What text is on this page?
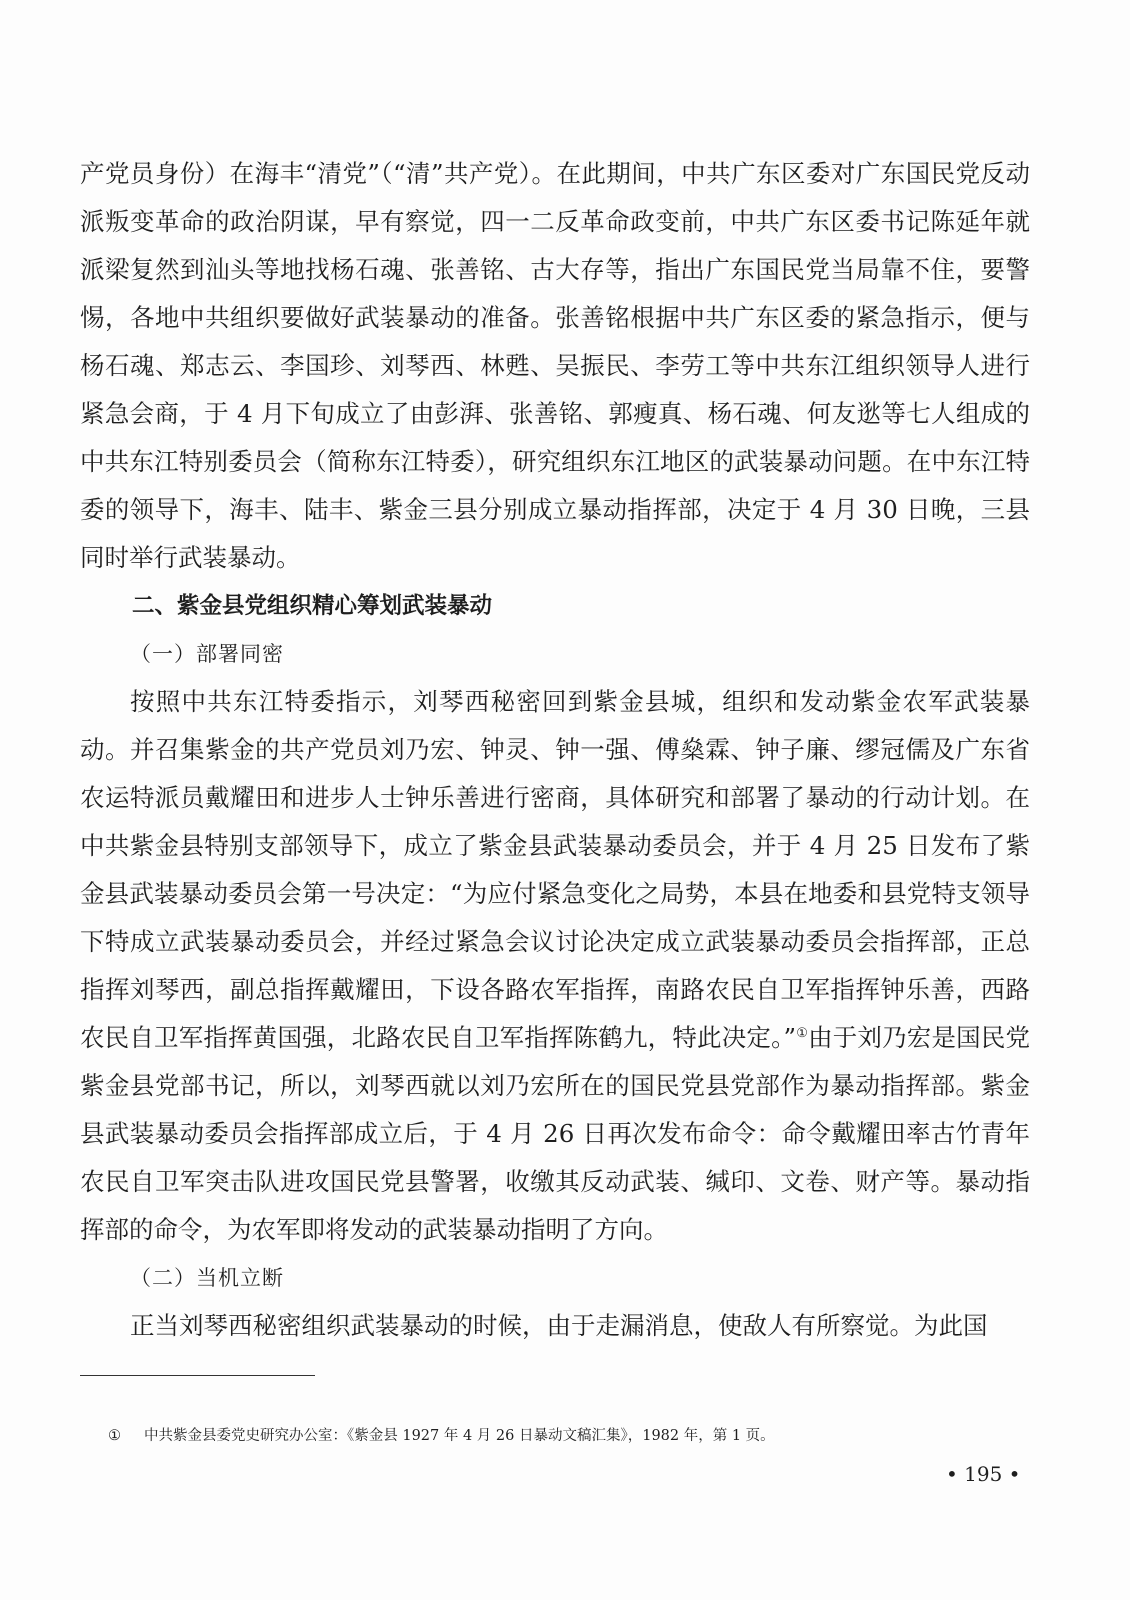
产党员身份）在海丰“清党”（“清”共产党）。在此期间，中共广东区委对广东国民党反动派叛变革命的政治阴谋，早有察觉，四一二反革命政变前，中共广东区委书记陈延年就派梁复然到汕头等地找杨石魂、张善铭、古大存等，指出广东国民党当局靠不住，要警惕，各地中共组织要做好武装暴动的准备。张善铭根据中共广东区委的紧急指示，便与杨石魂、郑志云、李国珍、刘琴西、林甦、吴振民、李劳工等中共东江组织领导人进行紧急会商，于 4 月下旬成立了由彭湃、张善铭、郭瘦真、杨石魂、何友逖等七人组成的中共东江特别委员会（简称东江特委），研究组织东江地区的武装暴动问题。在中东江特委的领导下，海丰、陆丰、紫金三县分别成立暴动指挥部，决定于 4 月 30 日晚，三县同时举行武装暴动。

二、紫金县党组织精心筹划武装暴动

（一）部署同密

按照中共东江特委指示，刘琴西秘密回到紫金县城，组织和发动紫金农军武装暴动。并召集紫金的共产党员刘乃宏、钟灵、钟一强、傅燊霖、钟子廉、缪冠儒及广东省农运特派员戴耀田和进步人士钟乐善进行密商，具体研究和部署了暴动的行动计划。在中共紫金县特别支部领导下，成立了紫金县武装暴动委员会，并于 4 月 25 日发布了紫金县武装暴动委员会第一号决定：“为应付紧急变化之局势，本县在地委和县党特支领导下特成立武装暴动委员会，并经过紧急会议讨论决定成立武装暴动委员会指挥部，正总指挥刘琴西，副总指挥戴耀田，下设各路农军指挥，南路农民自卫军指挥钟乐善，西路农民自卫军指挥黄国强，北路农民自卫军指挥陈鹤九，特此决定。”①由于刘乃宏是国民党紫金县党部书记，所以，刘琴西就以刘乃宏所在的国民党县党部作为暴动指挥部。紫金县武装暴动委员会指挥部成立后，于 4 月 26 日再次发布命令：命令戴耀田率古竹青年农民自卫军突击队进攻国民党县警署，收缴其反动武装、缄印、文卷、财产等。暴动指挥部的命令，为农军即将发动的武装暴动指明了方向。

（二）当机立断

正当刘琴西秘密组织武装暴动的时候，由于走漏消息，使敌人有所察觉。为此国

① 中共紫金县委党史研究办公室：《紫金县 1927 年 4 月 26 日暴动文稿汇集》，1982 年，第 1 页。
• 195 •
